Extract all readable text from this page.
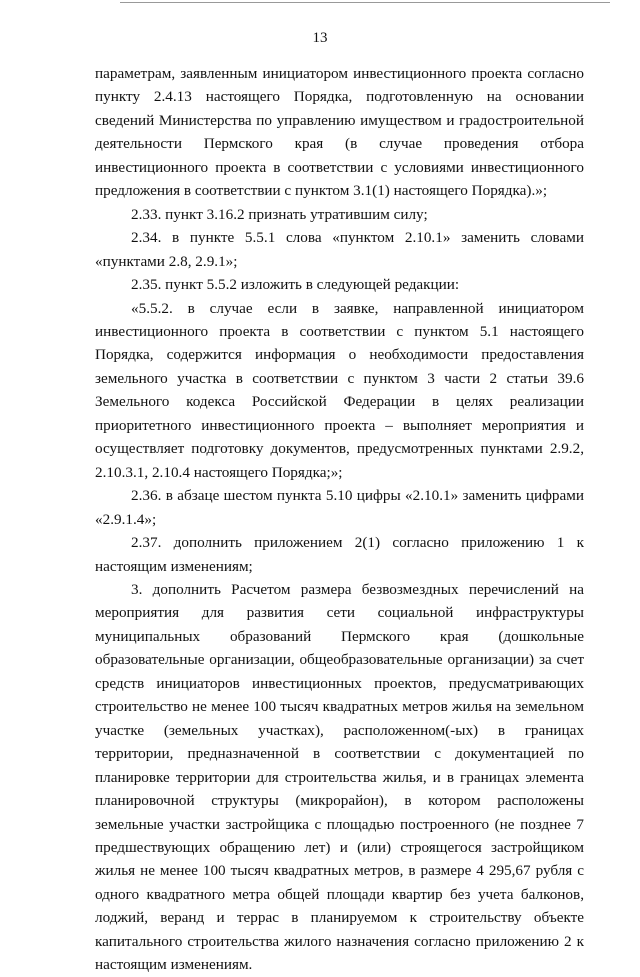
13

параметрам, заявленным инициатором инвестиционного проекта согласно пункту 2.4.13 настоящего Порядка, подготовленную на основании сведений Министерства по управлению имуществом и градостроительной деятельности Пермского края (в случае проведения отбора инвестиционного проекта в соответствии с условиями инвестиционного предложения в соответствии с пунктом 3.1(1) настоящего Порядка).»;

2.33. пункт 3.16.2 признать утратившим силу;

2.34. в пункте 5.5.1 слова «пунктом 2.10.1» заменить словами «пунктами 2.8, 2.9.1»;

2.35. пункт 5.5.2 изложить в следующей редакции:

«5.5.2. в случае если в заявке, направленной инициатором инвестиционного проекта в соответствии с пунктом 5.1 настоящего Порядка, содержится информация о необходимости предоставления земельного участка в соответствии с пунктом 3 части 2 статьи 39.6 Земельного кодекса Российской Федерации в целях реализации приоритетного инвестиционного проекта – выполняет мероприятия и осуществляет подготовку документов, предусмотренных пунктами 2.9.2, 2.10.3.1, 2.10.4 настоящего Порядка;»;

2.36. в абзаце шестом пункта 5.10 цифры «2.10.1» заменить цифрами «2.9.1.4»;

2.37. дополнить приложением 2(1) согласно приложению 1 к настоящим изменениям;

3. дополнить Расчетом размера безвозмездных перечислений на мероприятия для развития сети социальной инфраструктуры муниципальных образований Пермского края (дошкольные образовательные организации, общеобразовательные организации) за счет средств инициаторов инвестиционных проектов, предусматривающих строительство не менее 100 тысяч квадратных метров жилья на земельном участке (земельных участках), расположенном(-ых) в границах территории, предназначенной в соответствии с документацией по планировке территории для строительства жилья, и в границах элемента планировочной структуры (микрорайон), в котором расположены земельные участки застройщика с площадью построенного (не позднее 7 предшествующих обращению лет) и (или) строящегося застройщиком жилья не менее 100 тысяч квадратных метров, в размере 4 295,67 рубля с одного квадратного метра общей площади квартир без учета балконов, лоджий, веранд и террас в планируемом к строительству объекте капитального строительства жилого назначения согласно приложению 2 к настоящим изменениям.
